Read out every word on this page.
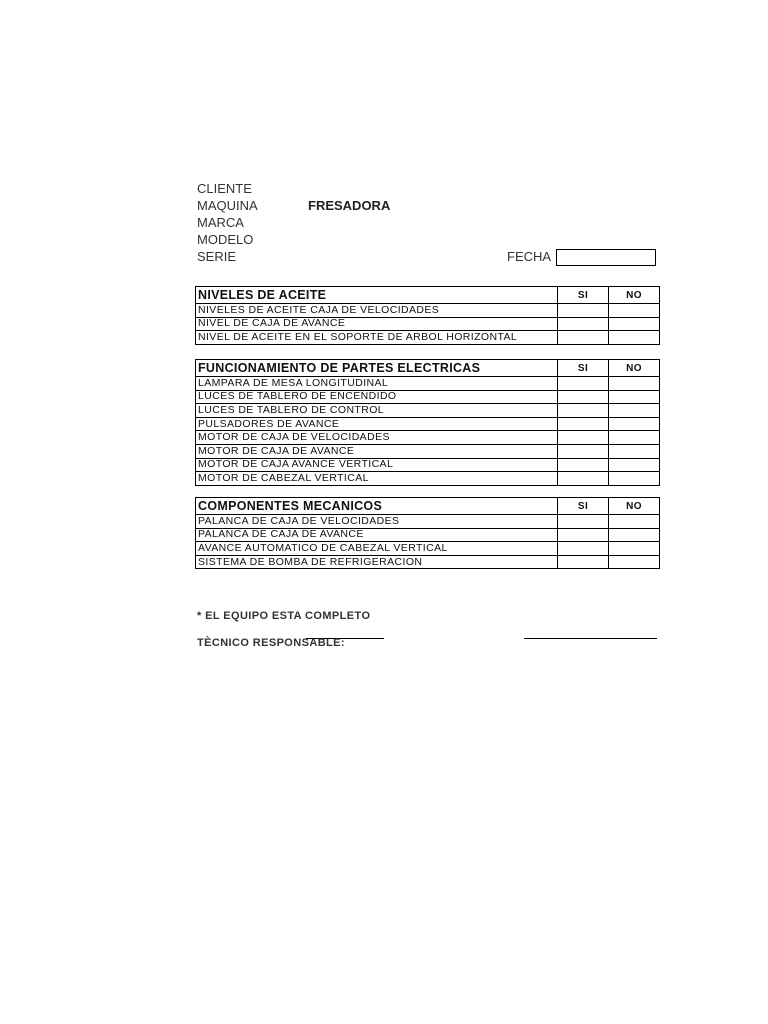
CLIENTE
MAQUINA	FRESADORA
MARCA
MODELO
SERIE	FECHA
NIVELES DE ACEITE	SI	NO
NIVELES DE ACEITE CAJA DE VELOCIDADES		
NIVEL DE CAJA DE AVANCE		
NIVEL DE ACEITE EN EL SOPORTE DE ARBOL HORIZONTAL		
FUNCIONAMIENTO DE PARTES ELECTRICAS	SI	NO
LAMPARA DE MESA LONGITUDINAL		
LUCES DE TABLERO DE ENCENDIDO		
LUCES DE TABLERO DE CONTROL		
PULSADORES DE AVANCE		
MOTOR DE CAJA DE VELOCIDADES		
MOTOR DE CAJA DE AVANCE		
MOTOR DE CAJA AVANCE VERTICAL		
MOTOR DE CABEZAL VERTICAL		
COMPONENTES MECANICOS	SI	NO
PALANCA DE CAJA DE VELOCIDADES		
PALANCA DE CAJA DE AVANCE		
AVANCE AUTOMATICO DE CABEZAL VERTICAL		
SISTEMA DE BOMBA DE REFRIGERACION		
* EL EQUIPO ESTA COMPLETO
TÈCNICO RESPONSABLE:
